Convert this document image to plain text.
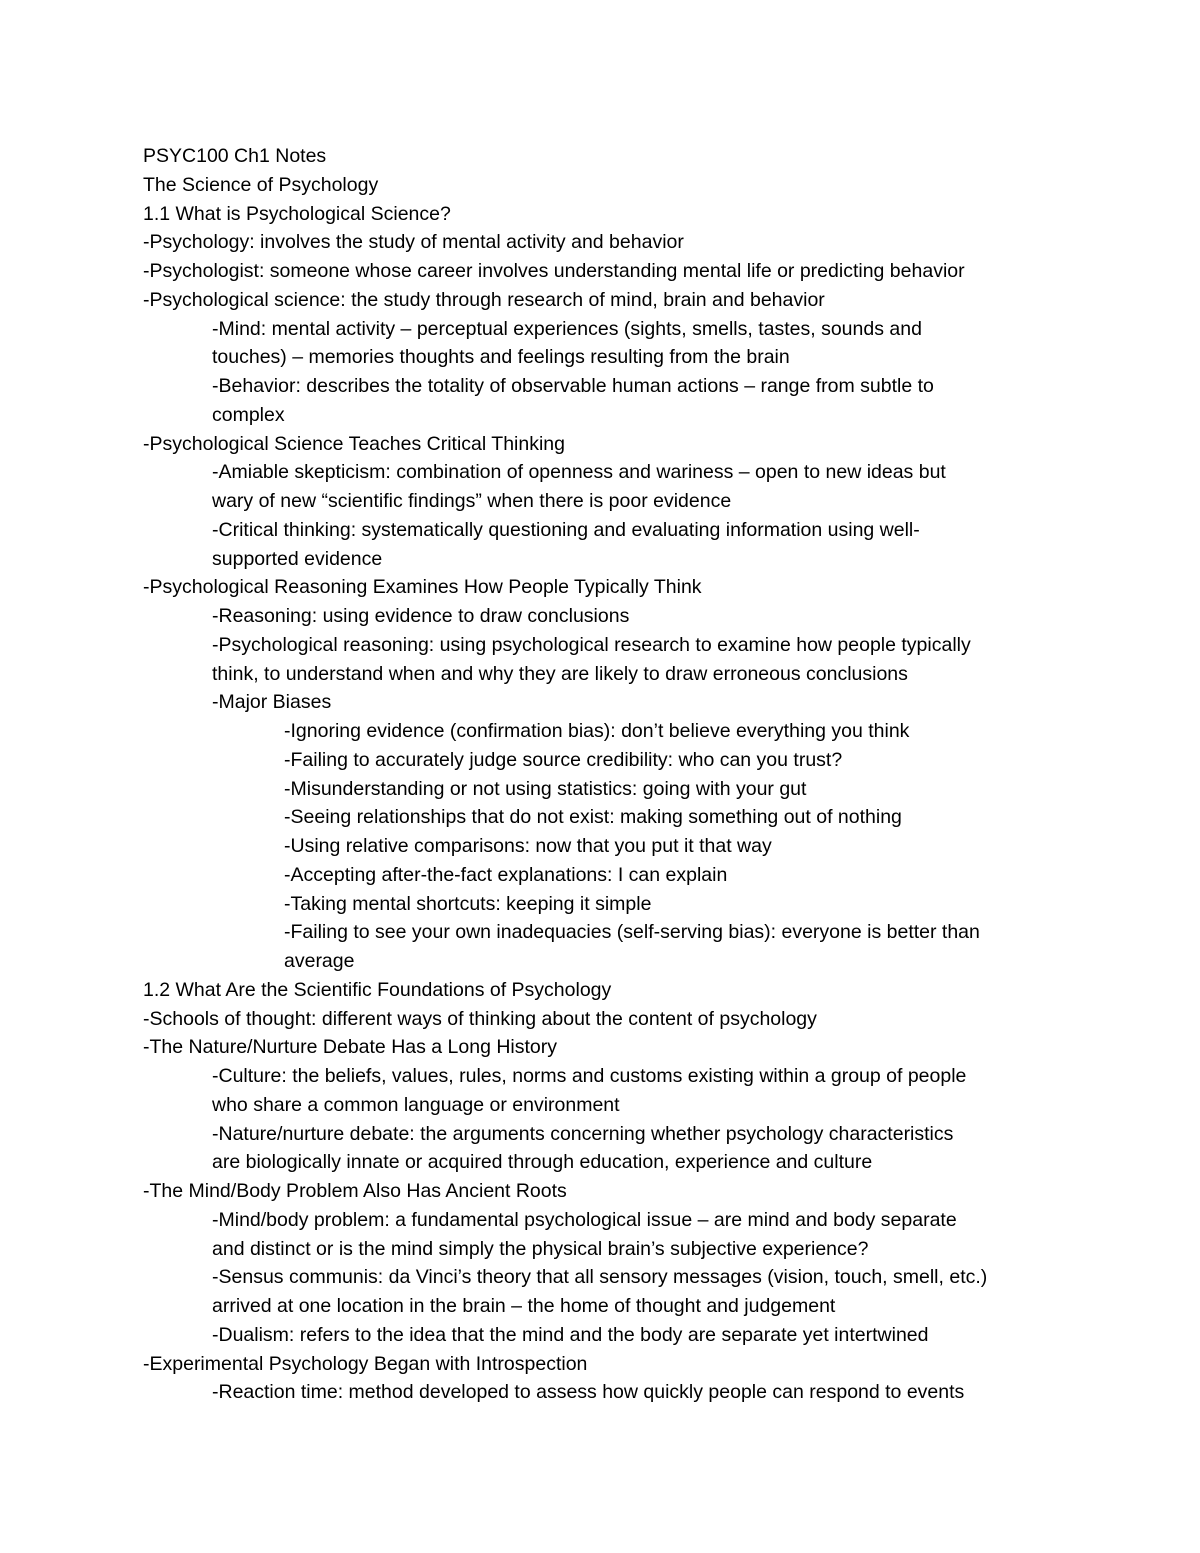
PSYC100 Ch1 Notes
The Science of Psychology
1.1 What is Psychological Science?
-Psychology: involves the study of mental activity and behavior
-Psychologist: someone whose career involves understanding mental life or predicting behavior
-Psychological science: the study through research of mind, brain and behavior
-Mind: mental activity – perceptual experiences (sights, smells, tastes, sounds and
touches) – memories thoughts and feelings resulting from the brain
-Behavior: describes the totality of observable human actions – range from subtle to
complex
-Psychological Science Teaches Critical Thinking
-Amiable skepticism: combination of openness and wariness – open to new ideas but
wary of new “scientific findings” when there is poor evidence
-Critical thinking: systematically questioning and evaluating information using well-
supported evidence
-Psychological Reasoning Examines How People Typically Think
-Reasoning: using evidence to draw conclusions
-Psychological reasoning: using psychological research to examine how people typically
think, to understand when and why they are likely to draw erroneous conclusions
-Major Biases
-Ignoring evidence (confirmation bias): don’t believe everything you think
-Failing to accurately judge source credibility: who can you trust?
-Misunderstanding or not using statistics: going with your gut
-Seeing relationships that do not exist: making something out of nothing
-Using relative comparisons: now that you put it that way
-Accepting after-the-fact explanations: I can explain
-Taking mental shortcuts: keeping it simple
-Failing to see your own inadequacies (self-serving bias): everyone is better than
average
1.2 What Are the Scientific Foundations of Psychology
-Schools of thought: different ways of thinking about the content of psychology
-The Nature/Nurture Debate Has a Long History
-Culture: the beliefs, values, rules, norms and customs existing within a group of people
who share a common language or environment
-Nature/nurture debate: the arguments concerning whether psychology characteristics
are biologically innate or acquired through education, experience and culture
-The Mind/Body Problem Also Has Ancient Roots
-Mind/body problem: a fundamental psychological issue – are mind and body separate
and distinct or is the mind simply the physical brain’s subjective experience?
-Sensus communis: da Vinci’s theory that all sensory messages (vision, touch, smell, etc.)
arrived at one location in the brain – the home of thought and judgement
-Dualism: refers to the idea that the mind and the body are separate yet intertwined
-Experimental Psychology Began with Introspection
-Reaction time: method developed to assess how quickly people can respond to events
